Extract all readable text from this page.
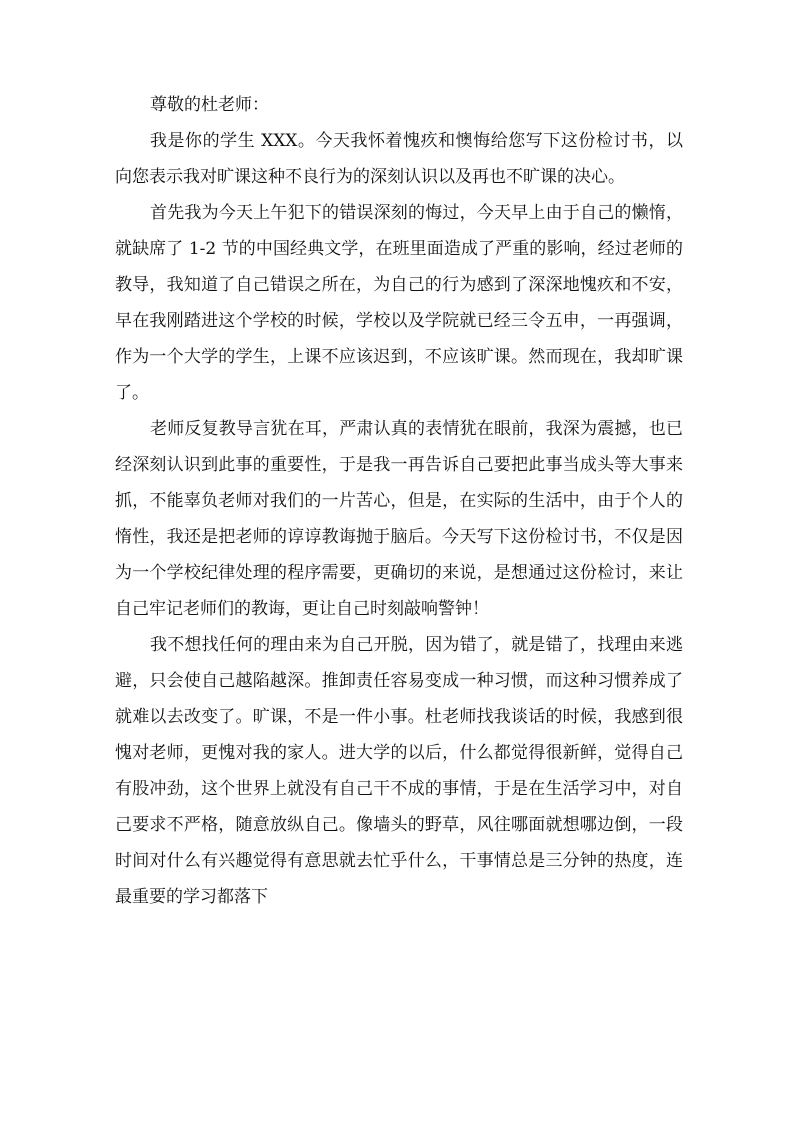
尊敬的杜老师：

我是你的学生 XXX。今天我怀着愧疚和懊悔给您写下这份检讨书，以向您表示我对旷课这种不良行为的深刻认识以及再也不旷课的决心。

首先我为今天上午犯下的错误深刻的悔过，今天早上由于自己的懒惰，就缺席了 1-2 节的中国经典文学，在班里面造成了严重的影响，经过老师的教导，我知道了自己错误之所在，为自己的行为感到了深深地愧疚和不安，早在我刚踏进这个学校的时候，学校以及学院就已经三令五申，一再强调，作为一个大学的学生，上课不应该迟到，不应该旷课。然而现在，我却旷课了。

老师反复教导言犹在耳，严肃认真的表情犹在眼前，我深为震撼，也已经深刻认识到此事的重要性，于是我一再告诉自己要把此事当成头等大事来抓，不能辜负老师对我们的一片苦心，但是，在实际的生活中，由于个人的惰性，我还是把老师的谆谆教诲抛于脑后。今天写下这份检讨书，不仅是因为一个学校纪律处理的程序需要，更确切的来说，是想通过这份检讨，来让自己牢记老师们的教诲，更让自己时刻敲响警钟！

我不想找任何的理由来为自己开脱，因为错了，就是错了，找理由来逃避，只会使自己越陷越深。推卸责任容易变成一种习惯，而这种习惯养成了就难以去改变了。旷课，不是一件小事。杜老师找我谈话的时候，我感到很愧对老师，更愧对我的家人。进大学的以后，什么都觉得很新鲜，觉得自己有股冲劲，这个世界上就没有自己干不成的事情，于是在生活学习中，对自己要求不严格，随意放纵自己。像墙头的野草，风往哪面就想哪边倒，一段时间对什么有兴趣觉得有意思就去忙乎什么，干事情总是三分钟的热度，连最重要的学习都落下
